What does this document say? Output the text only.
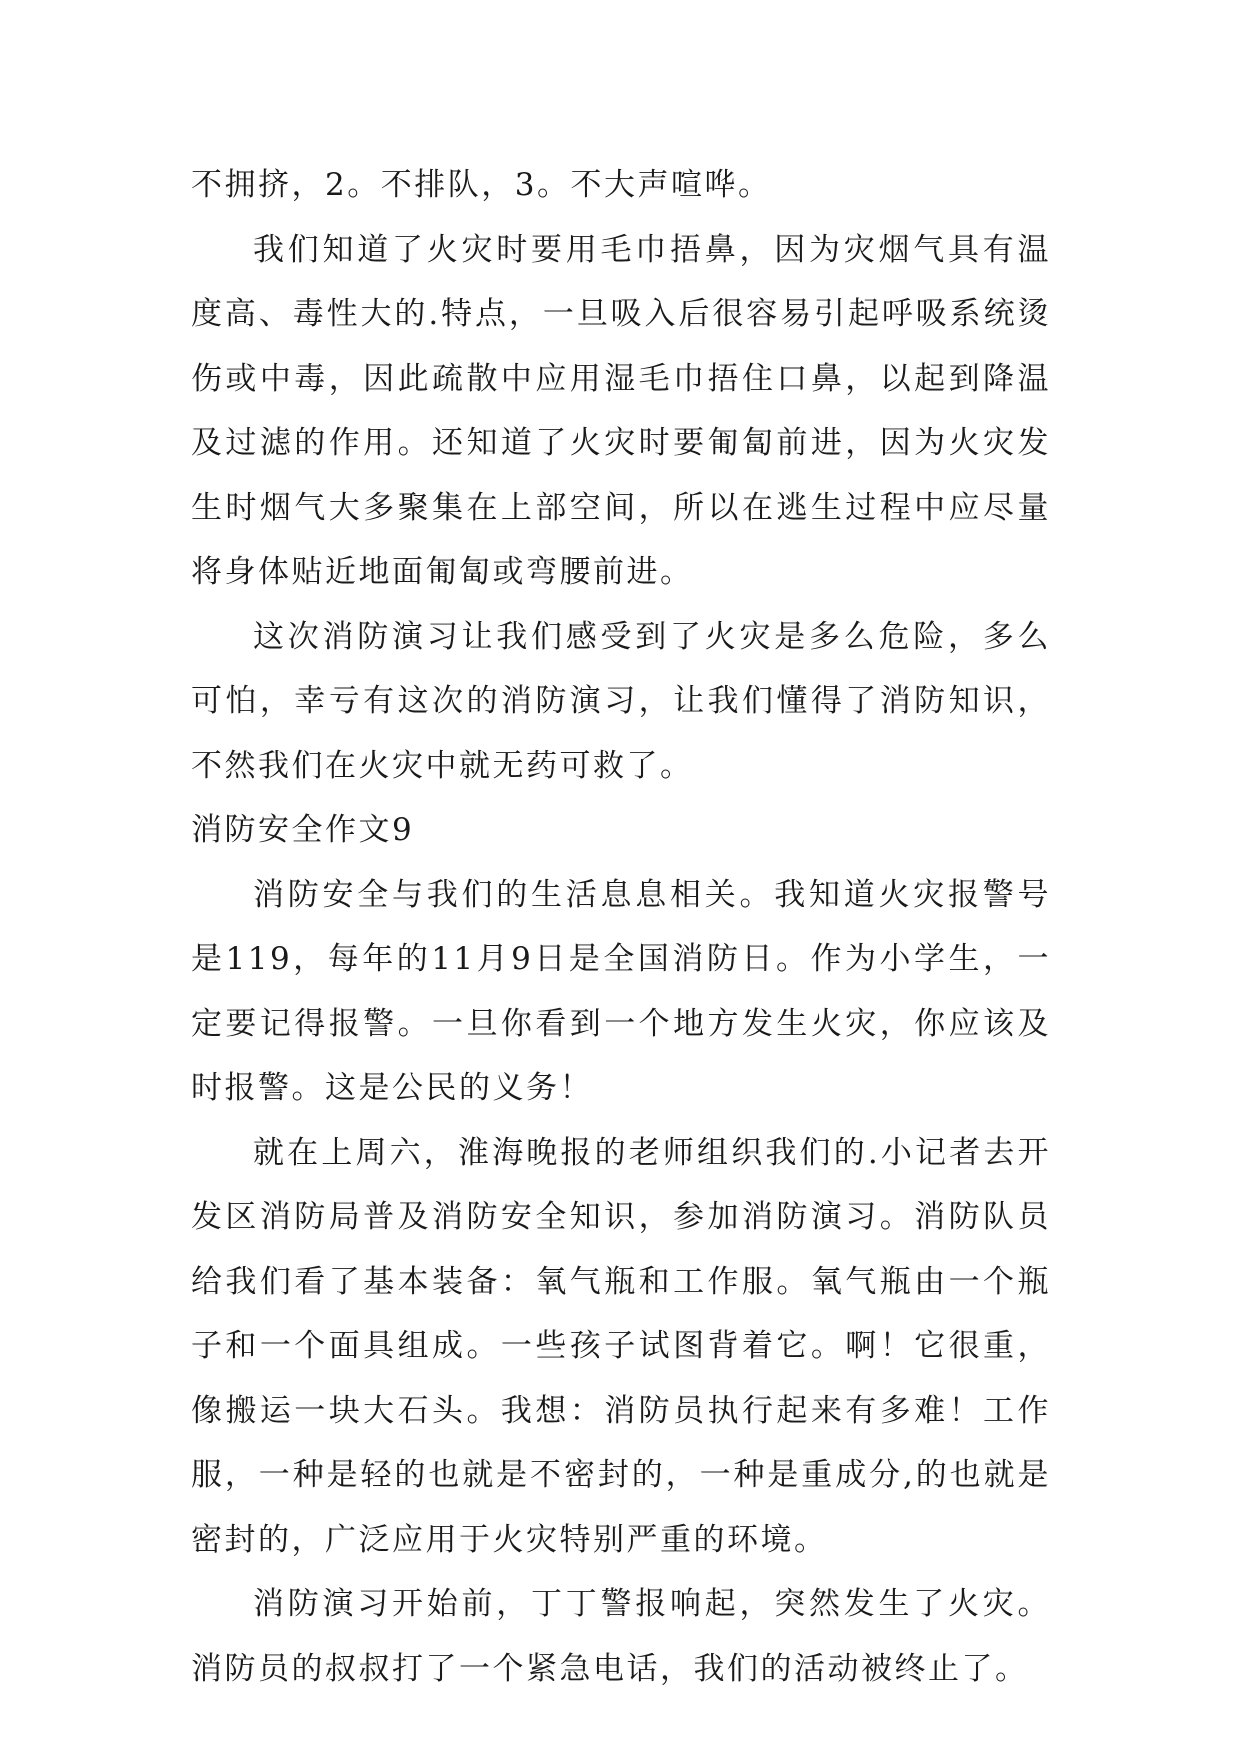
不拥挤，2。不排队，3。不大声喧哗。

我们知道了火灾时要用毛巾捂鼻，因为灾烟气具有温度高、毒性大的.特点，一旦吸入后很容易引起呼吸系统烫伤或中毒，因此疏散中应用湿毛巾捂住口鼻，以起到降温及过滤的作用。还知道了火灾时要匍匐前进，因为火灾发生时烟气大多聚集在上部空间，所以在逃生过程中应尽量将身体贴近地面匍匐或弯腰前进。

这次消防演习让我们感受到了火灾是多么危险，多么可怕，幸亏有这次的消防演习，让我们懂得了消防知识，不然我们在火灾中就无药可救了。

消防安全作文9

消防安全与我们的生活息息相关。我知道火灾报警号是119，每年的11月9日是全国消防日。作为小学生，一定要记得报警。一旦你看到一个地方发生火灾，你应该及时报警。这是公民的义务！

就在上周六，淮海晚报的老师组织我们的.小记者去开发区消防局普及消防安全知识，参加消防演习。消防队员给我们看了基本装备：氧气瓶和工作服。氧气瓶由一个瓶子和一个面具组成。一些孩子试图背着它。啊！它很重，像搬运一块大石头。我想：消防员执行起来有多难！工作服，一种是轻的也就是不密封的，一种是重成分,的也就是密封的，广泛应用于火灾特别严重的环境。

消防演习开始前，丁丁警报响起，突然发生了火灾。消防员的叔叔打了一个紧急电话，我们的活动被终止了。
